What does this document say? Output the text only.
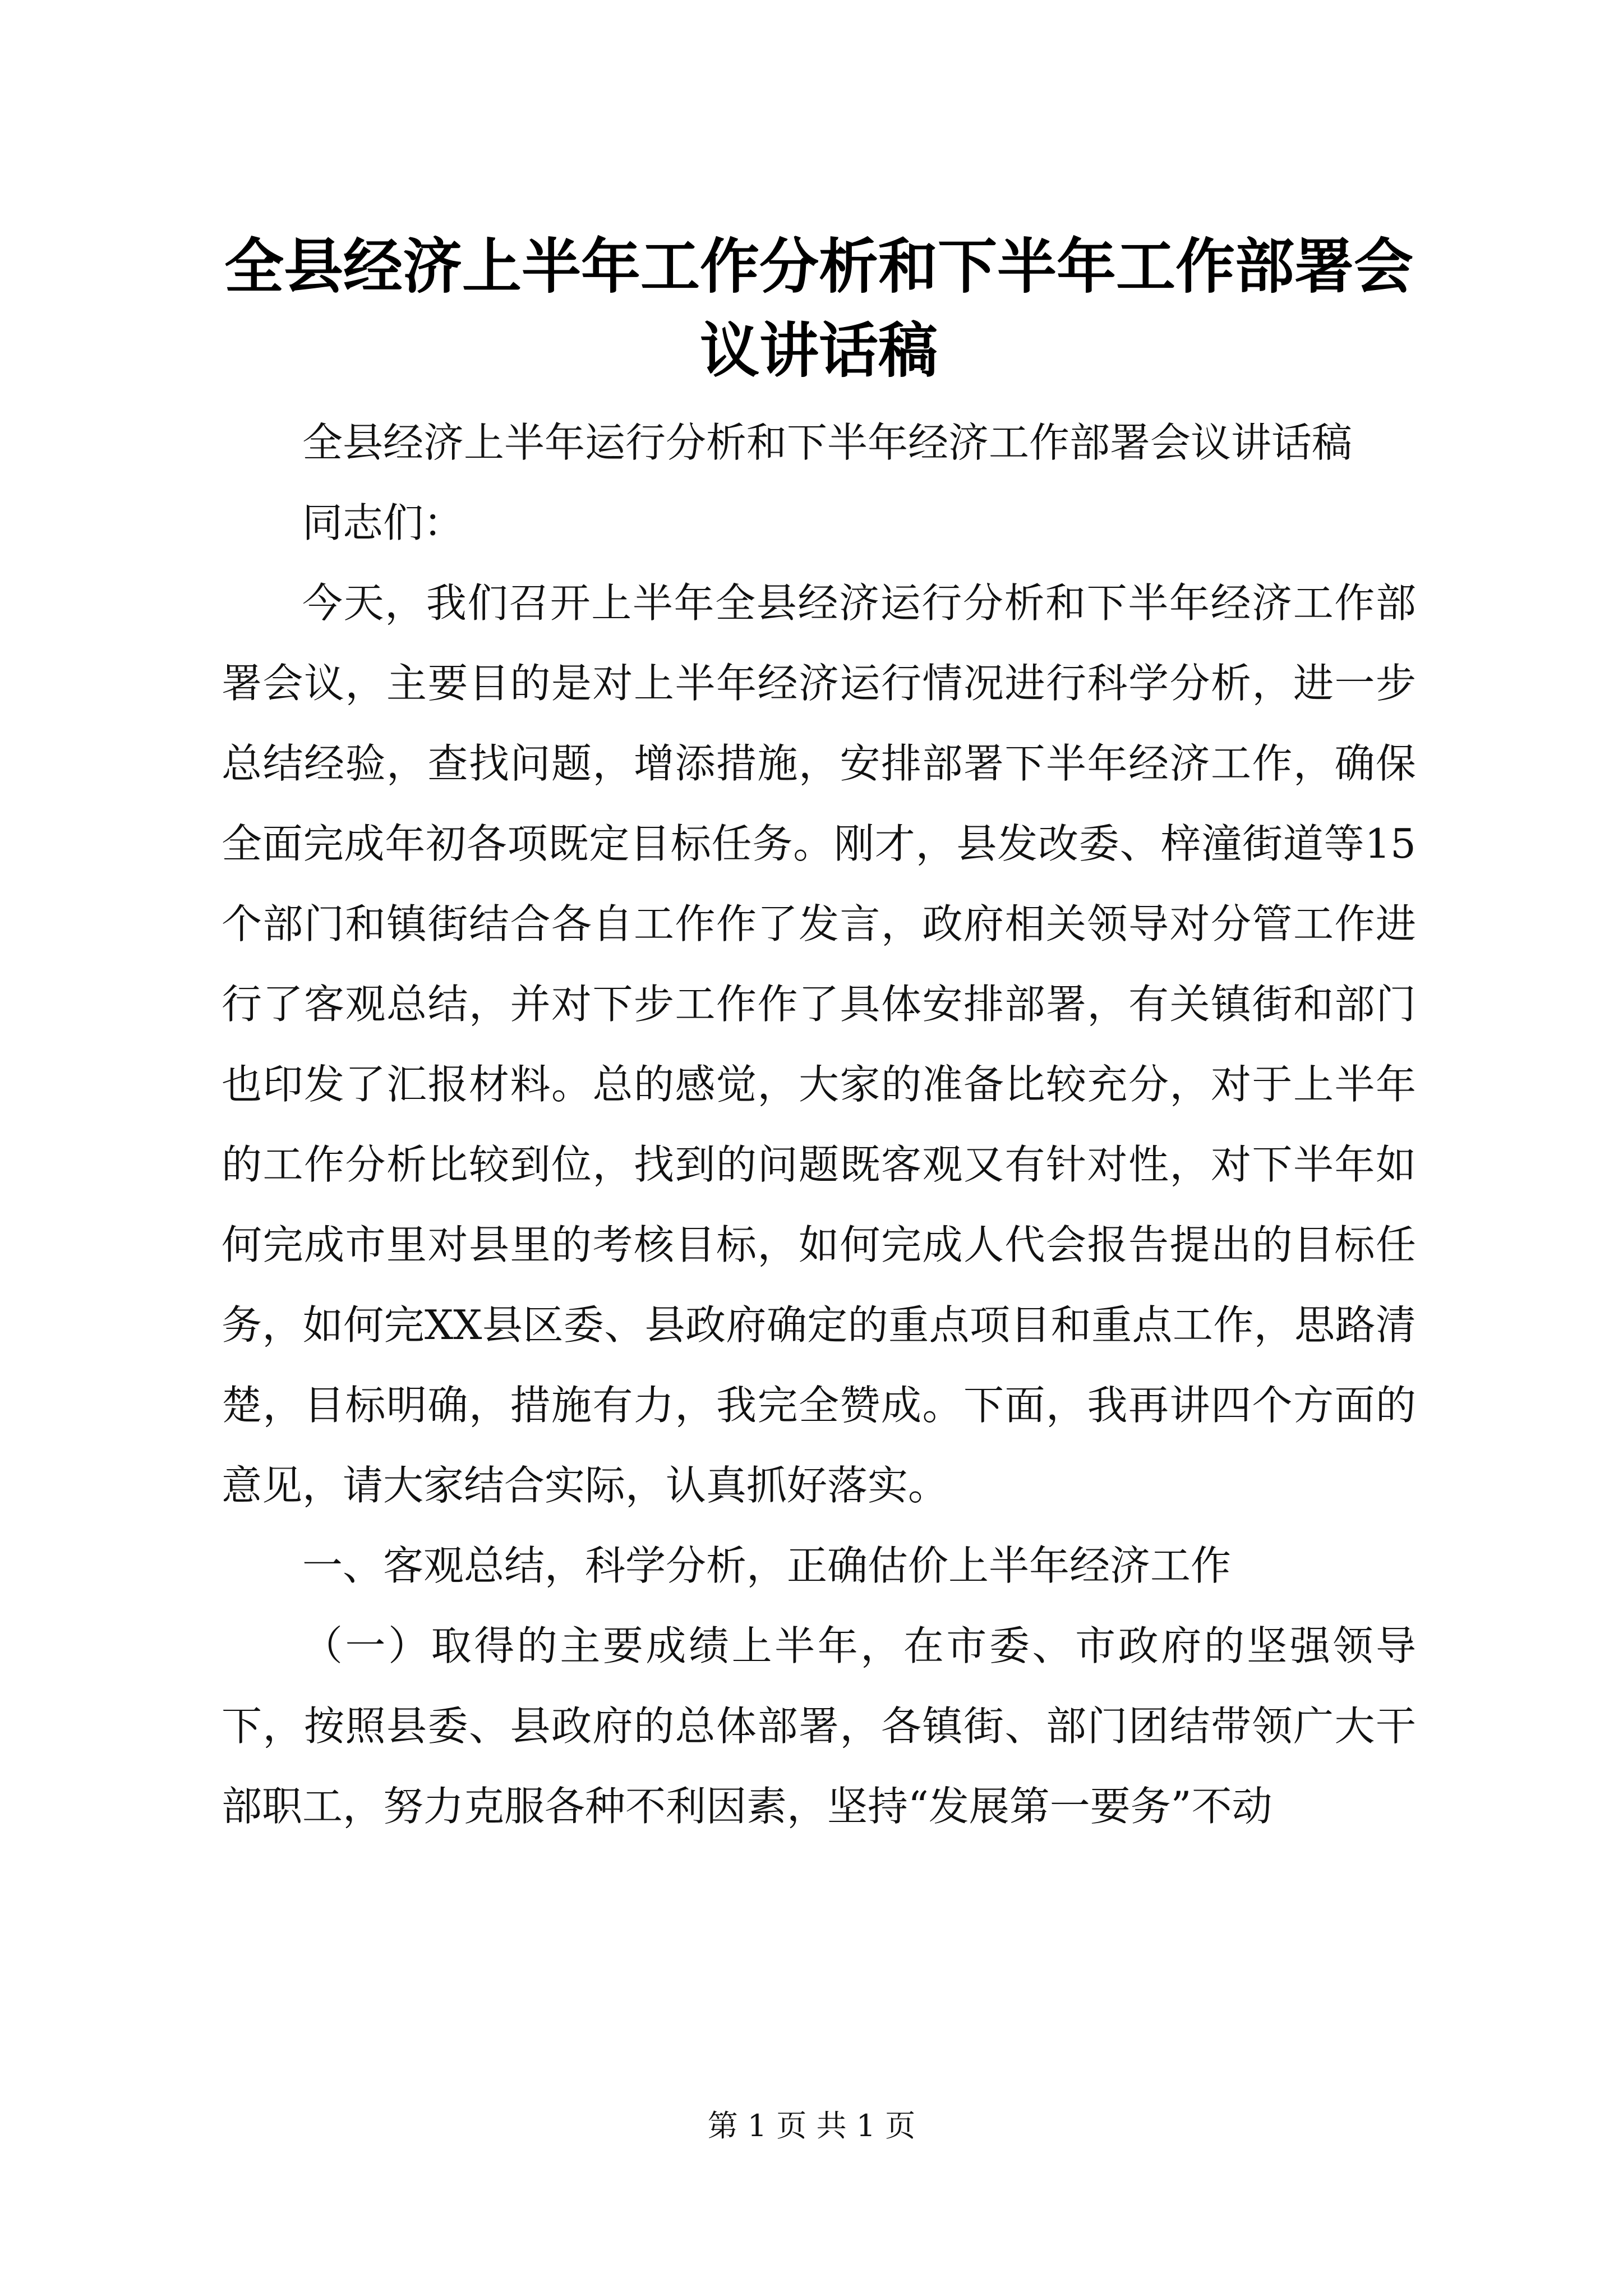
全县经济上半年工作分析和下半年工作部署会议讲话稿

全县经济上半年运行分析和下半年经济工作部署会议讲话稿

同志们：

今天，我们召开上半年全县经济运行分析和下半年经济工作部署会议，主要目的是对上半年经济运行情况进行科学分析，进一步总结经验，查找问题，增添措施，安排部署下半年经济工作，确保全面完成年初各项既定目标任务。刚才，县发改委、梓潼街道等15个部门和镇街结合各自工作作了发言，政府相关领导对分管工作进行了客观总结，并对下步工作作了具体安排部署，有关镇街和部门也印发了汇报材料。总的感觉，大家的准备比较充分，对于上半年的工作分析比较到位，找到的问题既客观又有针对性，对下半年如何完成市里对县里的考核目标，如何完成人代会报告提出的目标任务，如何完XX县区委、县政府确定的重点项目和重点工作，思路清楚，目标明确，措施有力，我完全赞成。下面，我再讲四个方面的意见，请大家结合实际，认真抓好落实。

一、客观总结，科学分析，正确估价上半年经济工作

（一）取得的主要成绩上半年，在市委、市政府的坚强领导下，按照县委、县政府的总体部署，各镇街、部门团结带领广大干部职工，努力克服各种不利因素，坚持“发展第一要务”不动

第 1 页 共 1 页
